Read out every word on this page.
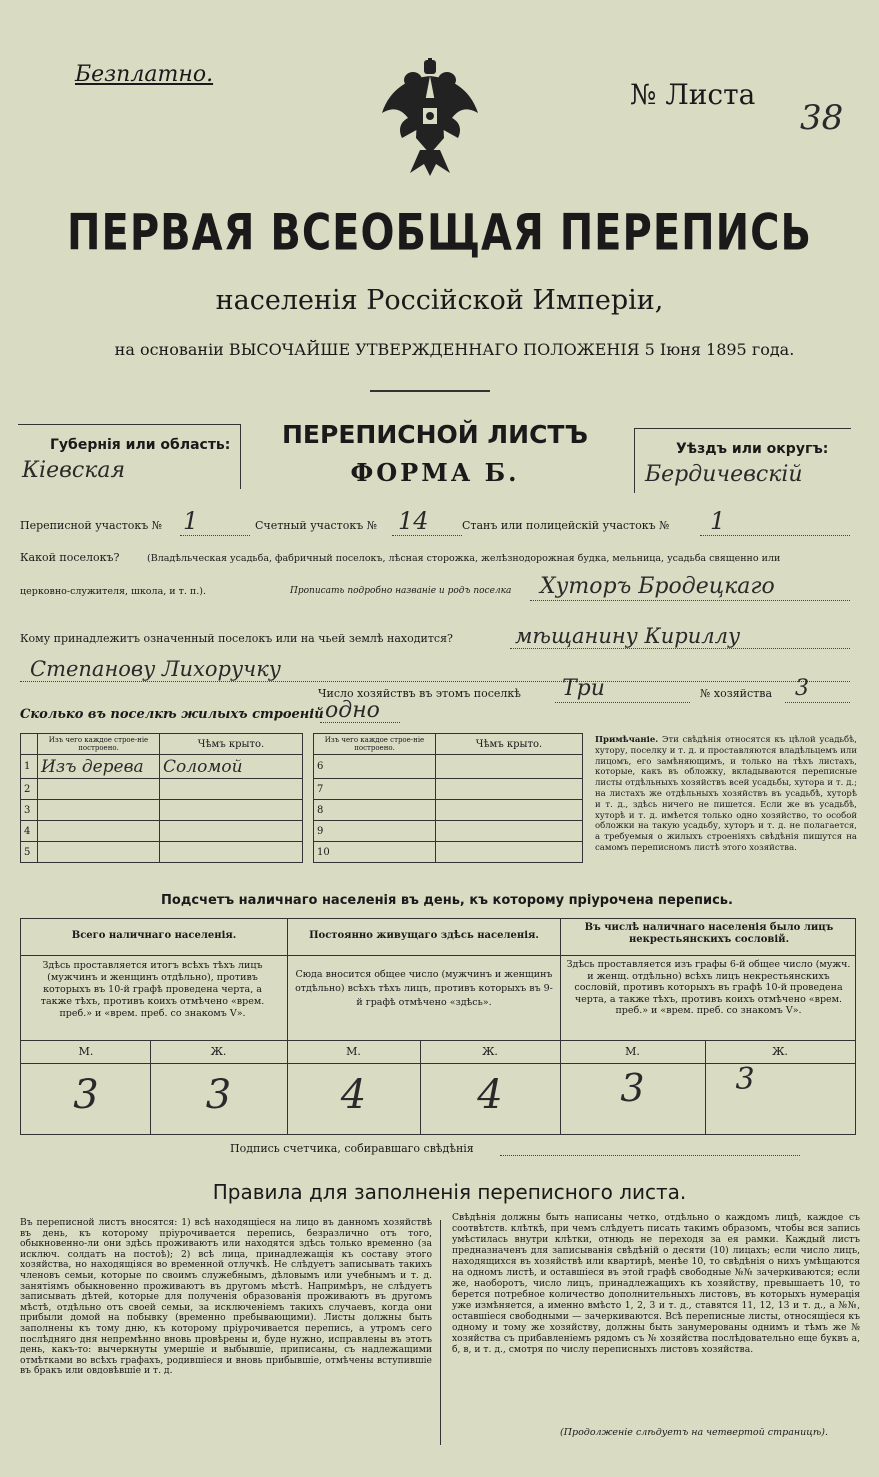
Безплатно.
№ Листа
38
ПЕРВАЯ ВСЕОБЩАЯ ПЕРЕПИСЬ
населенія Россійской Имперіи,
на основаніи ВЫСОЧАЙШЕ УТВЕРЖДЕННАГО ПОЛОЖЕНІЯ 5 Іюня 1895 года.
Губернія или область:
Кіевская
ПЕРЕПИСНОЙ ЛИСТЪ
ФОРМА Б.
Уѣздъ или округъ:
Бердичевскій
Переписной участокъ № 1	Счетный участокъ № 14	Станъ или полицейскій участокъ № 1
Какой поселокъ?	(Владѣльческая усадьба, фабричный поселокъ, лѣсная сторожка, желѣзнодорожная будка, мельница, усадьба священно или
церковно-служителя, школа, и т. п.).	Прописать подробно названіе и родъ поселка Хуторъ Бродецкаго
Кому принадлежитъ означенный поселокъ или на чьей землѣ находится?	мѣщанину Кириллу
Степанову Лихоручку
Число хозяйствъ въ этомъ поселкѣ Три	№ хозяйства 3
Сколько въ поселкѣ жилыхъ строеній одно
	Изъ чего каждое строе-ніе построено.	Чѣмъ крыто.
1	Изъ дерева	Соломой
2		
3		
4		
5		
Изъ чего каждое строе-ніе построено.	Чѣмъ крыто.
6	
7	
8	
9	
10	
Примѣчаніе. Эти свѣдѣнія относятся къ цѣлой усадьбѣ, хутору, поселку и т. д. и проставляются владѣльцемъ или лицомъ, его замѣняющимъ, и только на тѣхъ листахъ, которые, какъ въ обложку, вкладываются переписные листы отдѣльныхъ хозяйствъ всей усадьбы, хутора и т. д.; на листахъ же отдѣльныхъ хозяйствъ въ усадьбѣ, хуторѣ и т. д., здѣсь ничего не пишется. Если же въ усадьбѣ, хуторѣ и т. д. имѣется только одно хозяйство, то особой обложки на такую усадьбу, хуторъ и т. д. не полагается, а требуемыя о жилыхъ строеніяхъ свѣдѣнія пишутся на самомъ переписномъ листѣ этого хозяйства.
Подсчетъ наличнаго населенія въ день, къ которому пріурочена перепись.
Всего наличнаго населенія.	Постоянно живущаго здѣсь населенія.
Въ числѣ наличнаго населенія было лицъ некрестьянскихъ сословій.
Здѣсь проставляется итогъ всѣхъ тѣхъ лицъ (мужчинъ и женщинъ отдѣльно), противъ которыхъ въ 10-й графѣ проведена черта, а также тѣхъ, противъ коихъ отмѣчено «врем. преб.» и «врем. преб. со знакомъ V».
Сюда вносится общее число (мужчинъ и женщинъ отдѣльно) всѣхъ тѣхъ лицъ, противъ которыхъ въ 9-й графѣ отмѣчено «здѣсь».
Здѣсь проставляется изъ графы 6-й общее число (мужч. и женщ. отдѣльно) всѣхъ лицъ некрестьянскихъ сословій, противъ которыхъ въ графѣ 10-й проведена черта, а также тѣхъ, противъ коихъ отмѣчено «врем. преб.» и «врем. преб. со знакомъ V».
М.	Ж.	М.	Ж.	М.	Ж.
3	3	4	4	3	3
Подпись счетчика, собиравшаго свѣдѣнія
Правила для заполненія переписного листа.
Въ переписной листъ вносятся: 1) всѣ находящіеся на лицо въ данномъ хозяйствѣ въ день, къ которому пріурочивается перепись, безразлично отъ того, обыкновенно-ли они здѣсь проживаютъ или находятся здѣсь только временно (за исключ. солдатъ на постоѣ); 2) всѣ лица, принадлежащія къ составу этого хозяйства, но находящіяся во временной отлучкѣ. Не слѣдуетъ записывать такихъ членовъ семьи, которые по своимъ служебнымъ, дѣловымъ или учебнымъ и т. д. занятіямъ обыкновенно проживаютъ въ другомъ мѣстѣ. Напримѣръ, не слѣдуетъ записывать дѣтей, которые для полученія образованія проживаютъ въ другомъ мѣстѣ, отдѣльно отъ своей семьи, за исключеніемъ такихъ случаевъ, когда они прибыли домой на побывку (временно пребывающими). Листы должны быть заполнены къ тому дню, къ которому пріурочивается перепись, а утромъ сего послѣдняго дня непремѣнно вновь провѣрены и, буде нужно, исправлены въ этотъ день, какъ-то: вычеркнуты умершіе и выбывшіе, приписаны, съ надлежащими отмѣтками во всѣхъ графахъ, родившіеся и вновь прибывшіе, отмѣчены вступившіе въ бракъ или овдовѣвшіе и т. д.
Свѣдѣнія должны быть написаны четко, отдѣльно о каждомъ лицѣ, каждое съ соотвѣтств. клѣткѣ, при чемъ слѣдуетъ писать такимъ образомъ, чтобы вся запись умѣстилась внутри клѣтки, отнюдь не переходя за ея рамки. Каждый листъ предназначенъ для записыванія свѣдѣній о десяти (10) лицахъ; если число лицъ, находящихся въ хозяйствѣ или квартирѣ, менѣе 10, то свѣдѣнія о нихъ умѣщаются на одномъ листѣ, и оставшіеся въ этой графѣ свободные №№ зачеркиваются; если же, наоборотъ, число лицъ, принадлежащихъ къ хозяйству, превышаетъ 10, то берется потребное количество дополнительныхъ листовъ, въ которыхъ нумерація уже измѣняется, а именно вмѣсто 1, 2, 3 и т. д., ставятся 11, 12, 13 и т. д., а №№, оставшіеся свободными — зачеркиваются. Всѣ переписные листы, относящіеся къ одному и тому же хозяйству, должны быть занумерованы однимъ и тѣмъ же № хозяйства съ прибавленіемъ рядомъ съ № хозяйства послѣдовательно еще буквъ а, б, в, и т. д., смотря по числу переписныхъ листовъ хозяйства.
(Продолженіе слѣдуетъ на четвертой страницѣ).
